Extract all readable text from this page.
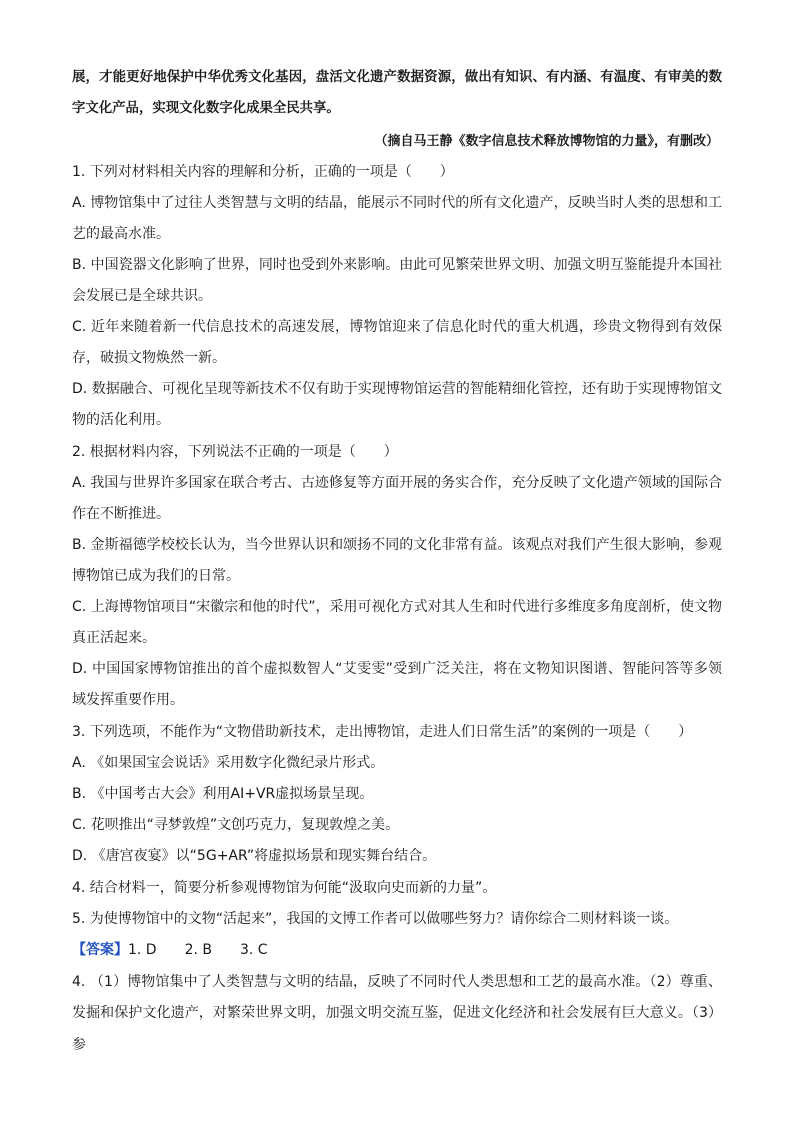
展，才能更好地保护中华优秀文化基因，盘活文化遗产数据资源，做出有知识、有内涵、有温度、有审美的数字文化产品，实现文化数字化成果全民共享。

（摘自马王静《数字信息技术释放博物馆的力量》，有删改）

1. 下列对材料相关内容的理解和分析，正确的一项是（　　）

A. 博物馆集中了过往人类智慧与文明的结晶，能展示不同时代的所有文化遗产，反映当时人类的思想和工艺的最高水准。

B. 中国瓷器文化影响了世界，同时也受到外来影响。由此可见繁荣世界文明、加强文明互鉴能提升本国社会发展已是全球共识。

C. 近年来随着新一代信息技术的高速发展，博物馆迎来了信息化时代的重大机遇，珍贵文物得到有效保存，破损文物焕然一新。

D. 数据融合、可视化呈现等新技术不仅有助于实现博物馆运营的智能精细化管控，还有助于实现博物馆文物的活化利用。

2. 根据材料内容，下列说法不正确的一项是（　　）

A. 我国与世界许多国家在联合考古、古迹修复等方面开展的务实合作，充分反映了文化遗产领域的国际合作在不断推进。

B. 金斯福德学校校长认为，当今世界认识和颂扬不同的文化非常有益。该观点对我们产生很大影响，参观博物馆已成为我们的日常。

C. 上海博物馆项目“宋徽宗和他的时代”，采用可视化方式对其人生和时代进行多维度多角度剖析，使文物真正活起来。

D. 中国国家博物馆推出的首个虚拟数智人“艾雯雯”受到广泛关注，将在文物知识图谱、智能问答等多领域发挥重要作用。

3. 下列选项，不能作为“文物借助新技术，走出博物馆，走进人们日常生活”的案例的一项是（　　）

A. 《如果国宝会说话》采用数字化微纪录片形式。

B. 《中国考古大会》利用AI+VR虚拟场景呈现。

C. 花呗推出“寻梦敦煌”文创巧克力，复现敦煌之美。

D. 《唐宫夜宴》以“5G+AR”将虚拟场景和现实舞台结合。

4. 结合材料一，简要分析参观博物馆为何能“汲取向史而新的力量”。

5. 为使博物馆中的文物“活起来”，我国的文博工作者可以做哪些努力？请你综合二则材料谈一谈。

【答案】1. D　　2. B　　3. C

4. （1）博物馆集中了人类智慧与文明的结晶，反映了不同时代人类思想和工艺的最高水准。（2）尊重、发掘和保护文化遗产，对繁荣世界文明，加强文明交流互鉴，促进文化经济和社会发展有巨大意义。（3）参
